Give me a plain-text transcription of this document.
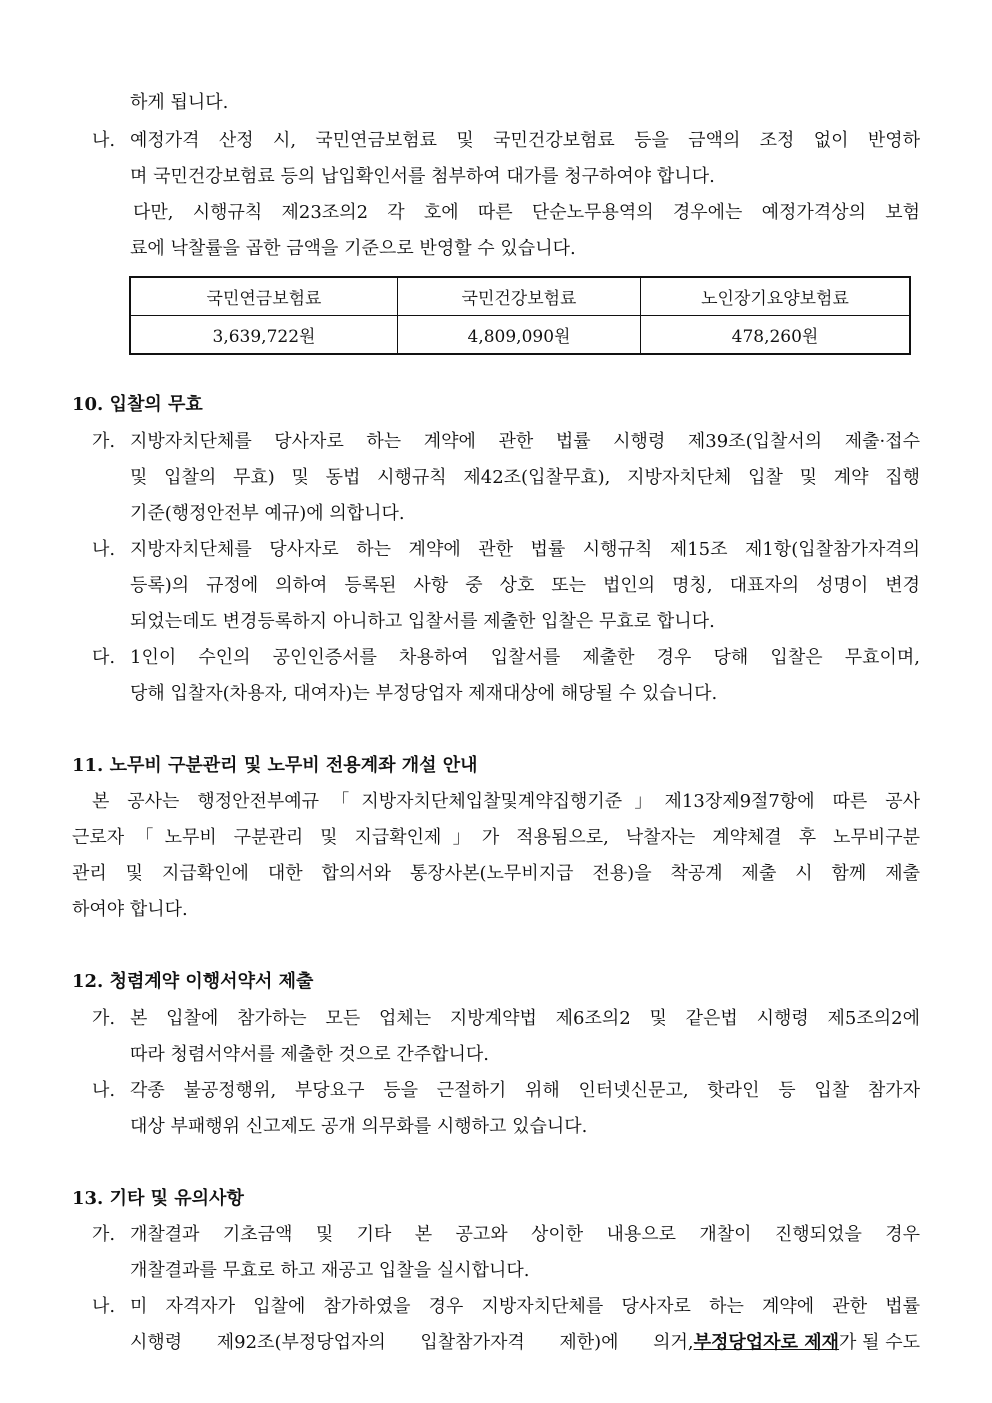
하게 됩니다.
나. 예정가격 산정 시, 국민연금보험료 및 국민건강보험료 등을 금액의 조정 없이 반영하
며 국민건강보험료 등의 납입확인서를 첨부하여 대가를 청구하여야 합니다.
다만, 시행규칙 제23조의2 각 호에 따른 단순노무용역의 경우에는 예정가격상의 보험
료에 낙찰률을 곱한 금액을 기준으로 반영할 수 있습니다.
국민연금보험료	국민건강보험료	노인장기요양보험료
3,639,722원	4,809,090원	478,260원
10. 입찰의 무효
가. 지방자치단체를 당사자로 하는 계약에 관한 법률 시행령 제39조(입찰서의 제출·접수
및 입찰의 무효) 및 동법 시행규칙 제42조(입찰무효), 지방자치단체 입찰 및 계약 집행
기준(행정안전부 예규)에 의합니다.
나. 지방자치단체를 당사자로 하는 계약에 관한 법률 시행규칙 제15조 제1항(입찰참가자격의
등록)의 규정에 의하여 등록된 사항 중 상호 또는 법인의 명칭, 대표자의 성명이 변경
되었는데도 변경등록하지 아니하고 입찰서를 제출한 입찰은 무효로 합니다.
다. 1인이 수인의 공인인증서를 차용하여 입찰서를 제출한 경우 당해 입찰은 무효이며,
당해 입찰자(차용자, 대여자)는 부정당업자 제재대상에 해당될 수 있습니다.
11. 노무비 구분관리 및 노무비 전용계좌 개설 안내
본 공사는 행정안전부예규「지방자치단체입찰및계약집행기준」제13장제9절7항에 따른 공사
근로자「노무비 구분관리 및 지급확인제」가 적용됨으로, 낙찰자는 계약체결 후 노무비구분
관리 및 지급확인에 대한 합의서와 통장사본(노무비지급 전용)을 착공계 제출 시 함께 제출
하여야 합니다.
12. 청렴계약 이행서약서 제출
가. 본 입찰에 참가하는 모든 업체는 지방계약법 제6조의2 및 같은법 시행령 제5조의2에
따라 청렴서약서를 제출한 것으로 간주합니다.
나. 각종 불공정행위, 부당요구 등을 근절하기 위해 인터넷신문고, 핫라인 등 입찰 참가자
대상 부패행위 신고제도 공개 의무화를 시행하고 있습니다.
13. 기타 및 유의사항
가. 개찰결과 기초금액 및 기타 본 공고와 상이한 내용으로 개찰이 진행되었을 경우
개찰결과를 무효로 하고 재공고 입찰을 실시합니다.
나. 미 자격자가 입찰에 참가하였을 경우 지방자치단체를 당사자로 하는 계약에 관한 법률
시행령 제92조(부정당업자의 입찰참가자격 제한)에 의거, 부정당업자로 제재 가 될 수도
